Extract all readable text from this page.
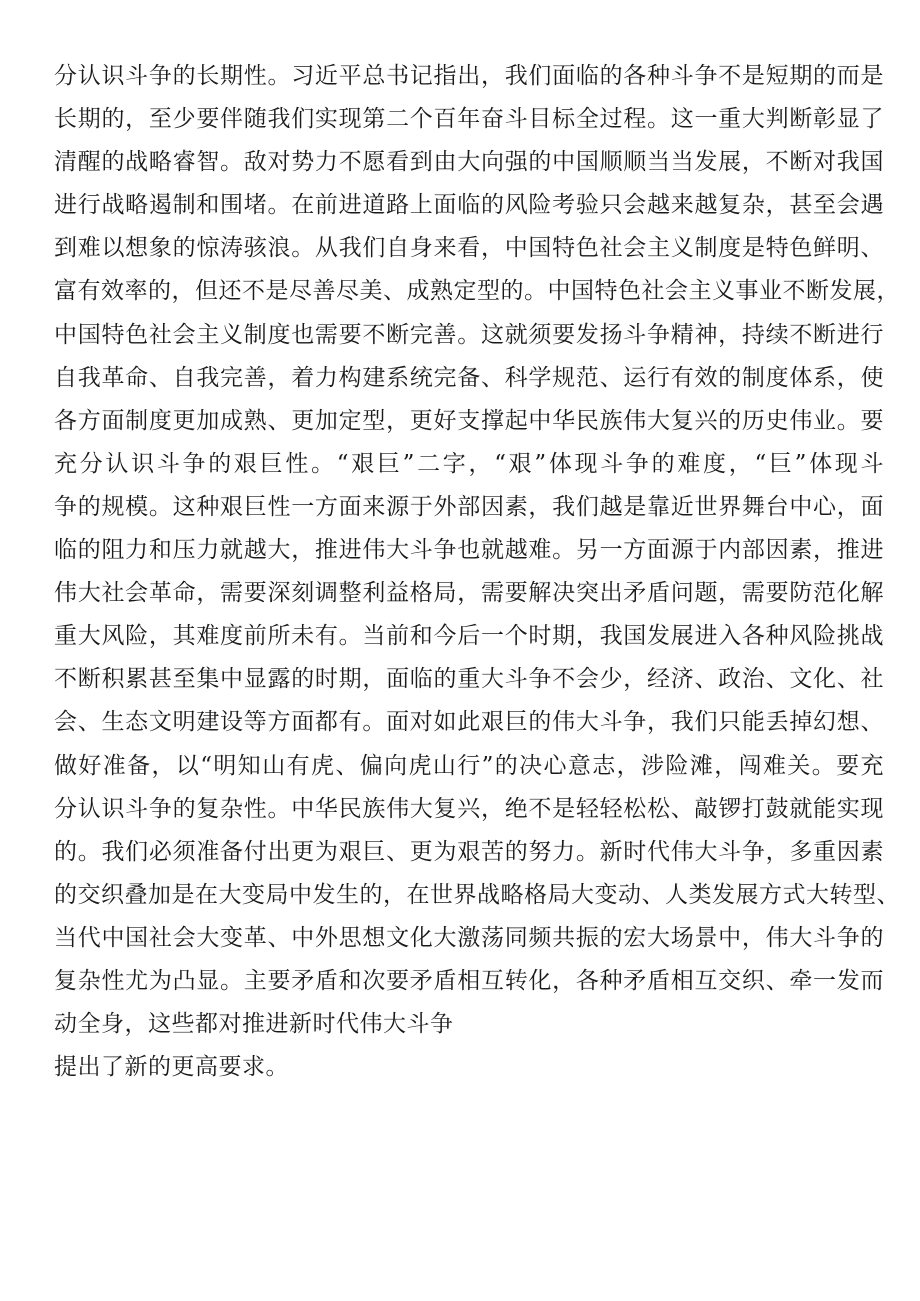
分认识斗争的长期性。习近平总书记指出，我们面临的各种斗争不是短期的而是
长期的，至少要伴随我们实现第二个百年奋斗目标全过程。这一重大判断彰显了
清醒的战略睿智。敌对势力不愿看到由大向强的中国顺顺当当发展，不断对我国
进行战略遏制和围堵。在前进道路上面临的风险考验只会越来越复杂，甚至会遇
到难以想象的惊涛骇浪。从我们自身来看，中国特色社会主义制度是特色鲜明、
富有效率的，但还不是尽善尽美、成熟定型的。中国特色社会主义事业不断发展，
中国特色社会主义制度也需要不断完善。这就须要发扬斗争精神，持续不断进行
自我革命、自我完善，着力构建系统完备、科学规范、运行有效的制度体系，使
各方面制度更加成熟、更加定型，更好支撑起中华民族伟大复兴的历史伟业。要
充分认识斗争的艰巨性。“艰巨”二字，“艰”体现斗争的难度，“巨”体现斗
争的规模。这种艰巨性一方面来源于外部因素，我们越是靠近世界舞台中心，面
临的阻力和压力就越大，推进伟大斗争也就越难。另一方面源于内部因素，推进
伟大社会革命，需要深刻调整利益格局，需要解决突出矛盾问题，需要防范化解
重大风险，其难度前所未有。当前和今后一个时期，我国发展进入各种风险挑战
不断积累甚至集中显露的时期，面临的重大斗争不会少，经济、政治、文化、社
会、生态文明建设等方面都有。面对如此艰巨的伟大斗争，我们只能丢掉幻想、
做好准备，以“明知山有虎、偏向虎山行”的决心意志，涉险滩，闯难关。要充
分认识斗争的复杂性。中华民族伟大复兴，绝不是轻轻松松、敲锣打鼓就能实现
的。我们必须准备付出更为艰巨、更为艰苦的努力。新时代伟大斗争，多重因素
的交织叠加是在大变局中发生的，在世界战略格局大变动、人类发展方式大转型、
当代中国社会大变革、中外思想文化大激荡同频共振的宏大场景中，伟大斗争的
复杂性尤为凸显。主要矛盾和次要矛盾相互转化，各种矛盾相互交织、牵一发而
动全身，这些都对推进新时代伟大斗争
提出了新的更高要求。
